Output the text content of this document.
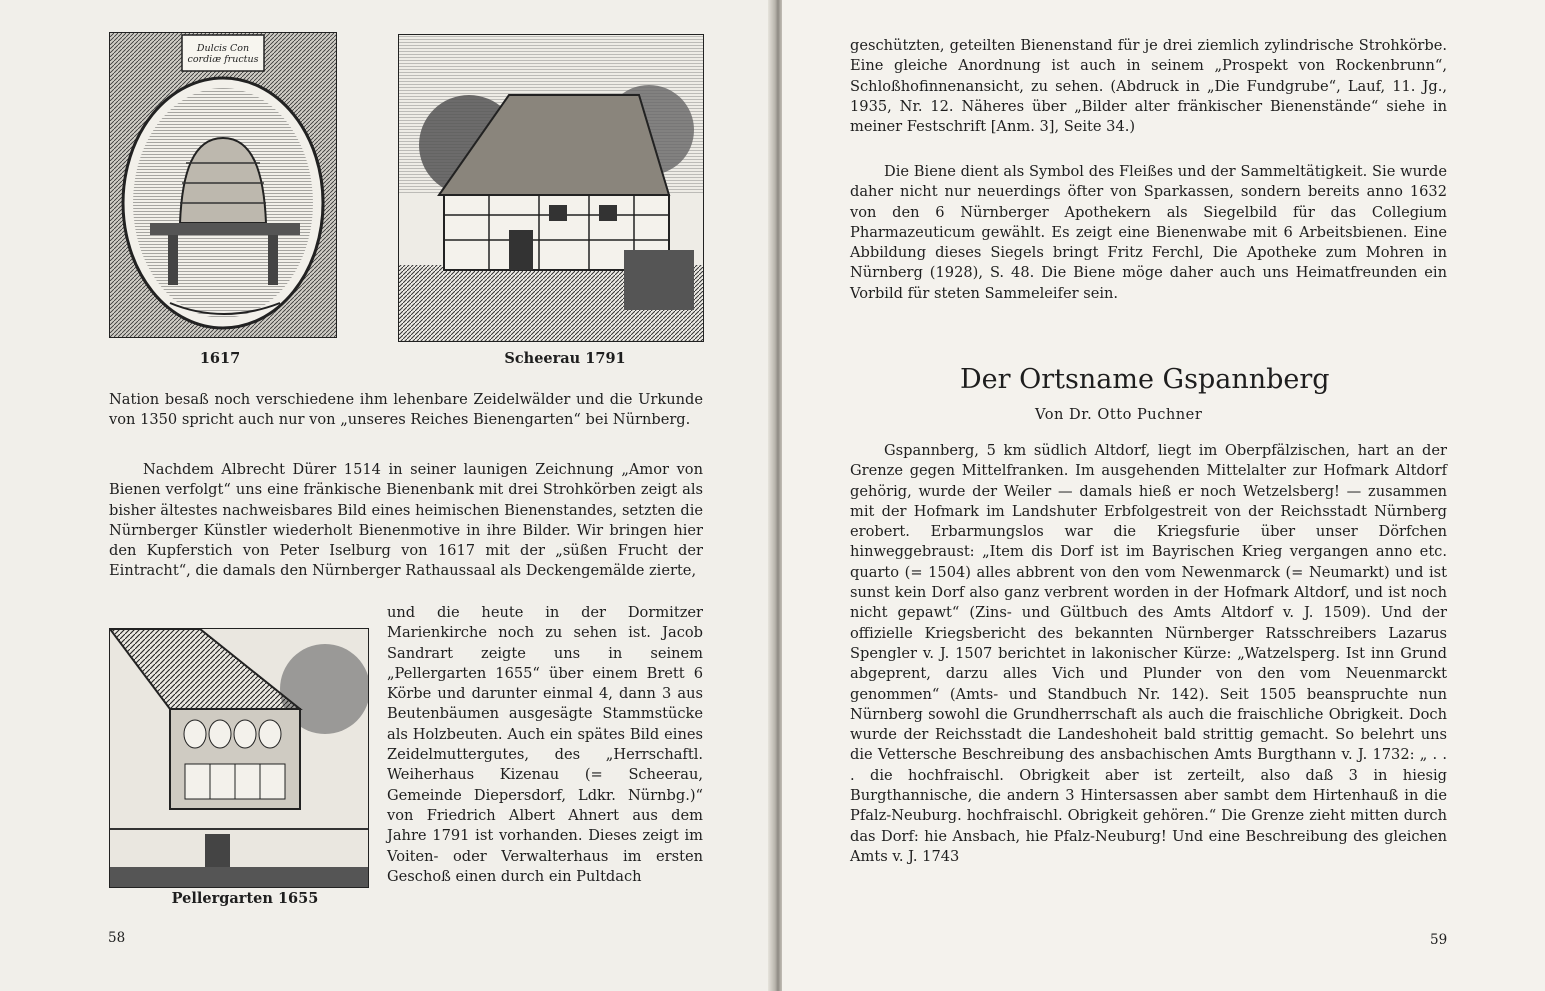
Dulcis Con cordiæ fructus

1617	Scheerau 1791

Nation besaß noch verschiedene ihm lehenbare Zeidelwälder und die Urkunde von 1350 spricht auch nur von „unseres Reiches Bienengarten“ bei Nürnberg.

Nachdem Albrecht Dürer 1514 in seiner launigen Zeichnung „Amor von Bienen verfolgt“ uns eine fränkische Bienenbank mit drei Strohkörben zeigt als bisher ältestes nachweisbares Bild eines heimischen Bienenstandes, setzten die Nürnberger Künstler wiederholt Bienenmotive in ihre Bilder. Wir bringen hier den Kupferstich von Peter Iselburg von 1617 mit der „süßen Frucht der Eintracht“, die damals den Nürnberger Rathaussaal als Deckengemälde zierte,

Pellergarten 1655

und die heute in der Dormitzer Marienkirche noch zu sehen ist. Jacob Sandrart zeigte uns in seinem „Pellergarten 1655“ über einem Brett 6 Körbe und darunter einmal 4, dann 3 aus Beutenbäumen ausgesägte Stammstücke als Holzbeuten. Auch ein spätes Bild eines Zeidelmuttergutes, des „Herrschaftl. Weiherhaus Kizenau (= Scheerau, Gemeinde Diepersdorf, Ldkr. Nürnbg.)“ von Friedrich Albert Ahnert aus dem Jahre 1791 ist vorhanden. Dieses zeigt im Voiten- oder Verwalterhaus im ersten Geschoß einen durch ein Pultdach

58

geschützten, geteilten Bienenstand für je drei ziemlich zylindrische Strohkörbe. Eine gleiche Anordnung ist auch in seinem „Prospekt von Rockenbrunn“, Schloßhofinnenansicht, zu sehen. (Abdruck in „Die Fundgrube“, Lauf, 11. Jg., 1935, Nr. 12. Näheres über „Bilder alter fränkischer Bienenstände“ siehe in meiner Festschrift [Anm. 3], Seite 34.)

Die Biene dient als Symbol des Fleißes und der Sammeltätigkeit. Sie wurde daher nicht nur neuerdings öfter von Sparkassen, sondern bereits anno 1632 von den 6 Nürnberger Apothekern als Siegelbild für das Collegium Pharmazeuticum gewählt. Es zeigt eine Bienenwabe mit 6 Arbeitsbienen. Eine Abbildung dieses Siegels bringt Fritz Ferchl, Die Apotheke zum Mohren in Nürnberg (1928), S. 48. Die Biene möge daher auch uns Heimatfreunden ein Vorbild für steten Sammeleifer sein.

59

Der Ortsname Gspannberg

Von Dr. Otto Puchner

Gspannberg, 5 km südlich Altdorf, liegt im Oberpfälzischen, hart an der Grenze gegen Mittelfranken. Im ausgehenden Mittelalter zur Hofmark Altdorf gehörig, wurde der Weiler — damals hieß er noch Wetzelsberg! — zusammen mit der Hofmark im Landshuter Erbfolgestreit von der Reichsstadt Nürnberg erobert. Erbarmungslos war die Kriegsfurie über unser Dörfchen hinweggebraust: „Item dis Dorf ist im Bayrischen Krieg vergangen anno etc. quarto (= 1504) alles abbrent von den vom Newenmarck (= Neumarkt) und ist sunst kein Dorf also ganz verbrent worden in der Hofmark Altdorf, und ist noch nicht gepawt“ (Zins- und Gültbuch des Amts Altdorf v. J. 1509). Und der offizielle Kriegsbericht des bekannten Nürnberger Ratsschreibers Lazarus Spengler v. J. 1507 berichtet in lakonischer Kürze: „Watzelsperg. Ist inn Grund abgeprent, darzu alles Vich und Plunder von den vom Neuenmarckt genommen“ (Amts- und Standbuch Nr. 142). Seit 1505 beanspruchte nun Nürnberg sowohl die Grundherrschaft als auch die fraischliche Obrigkeit. Doch wurde der Reichsstadt die Landeshoheit bald strittig gemacht. So belehrt uns die Vettersche Beschreibung des ansbachischen Amts Burgthann v. J. 1732: „ . . . die hochfraischl. Obrigkeit aber ist zerteilt, also daß 3 in hiesig Burgthannische, die andern 3 Hintersassen aber sambt dem Hirtenhauß in die Pfalz-Neuburg. hochfraischl. Obrigkeit gehören.“ Die Grenze zieht mitten durch das Dorf: hie Ansbach, hie Pfalz-Neuburg! Und eine Beschreibung des gleichen Amts v. J. 1743
